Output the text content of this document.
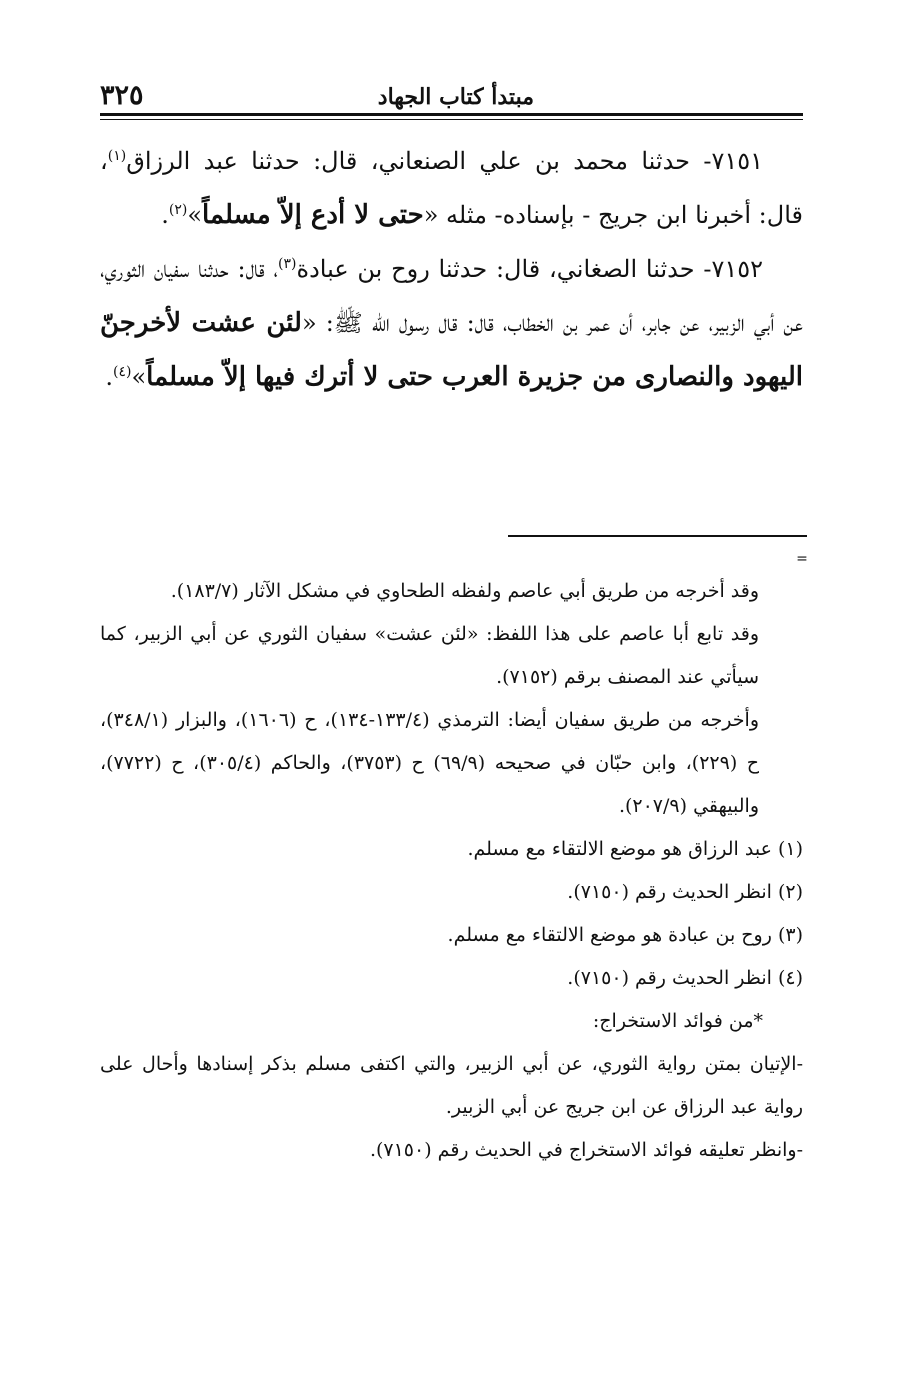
مبتدأ كتاب الجهاد
٣٢٥

٧١٥١- حدثنا محمد بن علي الصنعاني، قال: حدثنا عبد الرزاق$^{(١)}$، قال: أخبرنا ابن جريج - بإسناده- مثله «حتى لا أدع إلاّ مسلماً»$^{(٢)}$.

٧١٥٢- حدثنا الصغاني، قال: حدثنا روح بن عبادة$^{(٣)}$، قال: حدثنا سفيان الثوري، عن أبي الزبير، عن جابر، أن عمر بن الخطاب، قال: قال رسول الله ﷺ: «لئن عشت لأخرجنّ اليهود والنصارى من جزيرة العرب حتى لا أترك فيها إلاّ مسلماً»$^{(٤)}$.

=

وقد أخرجه من طريق أبي عاصم ولفظه الطحاوي في مشكل الآثار (١٨٣/٧).

وقد تابع أبا عاصم على هذا اللفظ: «لئن عشت» سفيان الثوري عن أبي الزبير، كما سيأتي عند المصنف برقم (٧١٥٢).

وأخرجه من طريق سفيان أيضا: الترمذي (١٣٣/٤-١٣٤)، ح (١٦٠٦)، والبزار (٣٤٨/١)، ح (٢٢٩)، وابن حبّان في صحيحه (٦٩/٩) ح (٣٧٥٣)، والحاكم (٣٠٥/٤)، ح (٧٧٢٢)، والبيهقي (٢٠٧/٩).

(١) عبد الرزاق هو موضع الالتقاء مع مسلم.

(٢) انظر الحديث رقم (٧١٥٠).

(٣) روح بن عبادة هو موضع الالتقاء مع مسلم.

(٤) انظر الحديث رقم (٧١٥٠).

*من فوائد الاستخراج:

-الإتيان بمتن رواية الثوري، عن أبي الزبير، والتي اكتفى مسلم بذكر إسنادها وأحال على رواية عبد الرزاق عن ابن جريج عن أبي الزبير.

-وانظر تعليقه فوائد الاستخراج في الحديث رقم (٧١٥٠).
